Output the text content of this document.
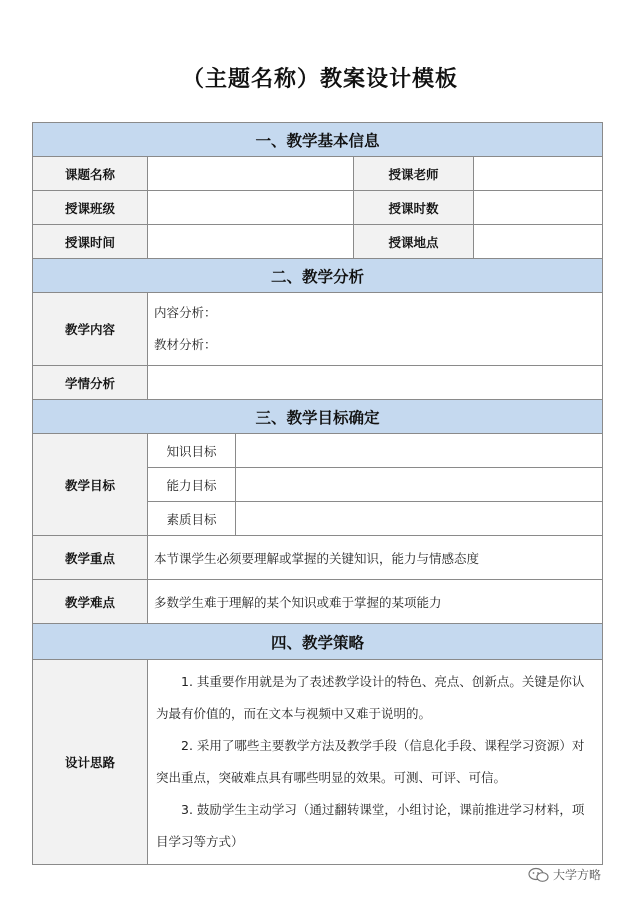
（主题名称）教案设计模板
一、教学基本信息				
课题名称			授课老师	
授课班级			授课时数	
授课时间			授课地点	
二、教学分析				
教学内容	内容分析：
教材分析：			

学情分析				
三、教学目标确定				
教学目标	知识目标			
	能力目标			
	素质目标			
教学重点	本节课学生必须要理解或掌握的关键知识，能力与情感态度			
教学难点	多数学生难于理解的某个知识或难于掌握的某项能力			
四、教学策略				
设计思路	1. 其重要作用就是为了表述教学设计的特色、亮点、创新点。关键是你认为最有价值的，而在文本与视频中又难于说明的。

2. 采用了哪些主要教学方法及教学手段（信息化手段、课程学习资源）对突出重点，突破难点具有哪些明显的效果。可测、可评、可信。

3. 鼓励学生主动学习（通过翻转课堂，小组讨论，课前推进学习材料，项目学习等方式）			

大学方略
